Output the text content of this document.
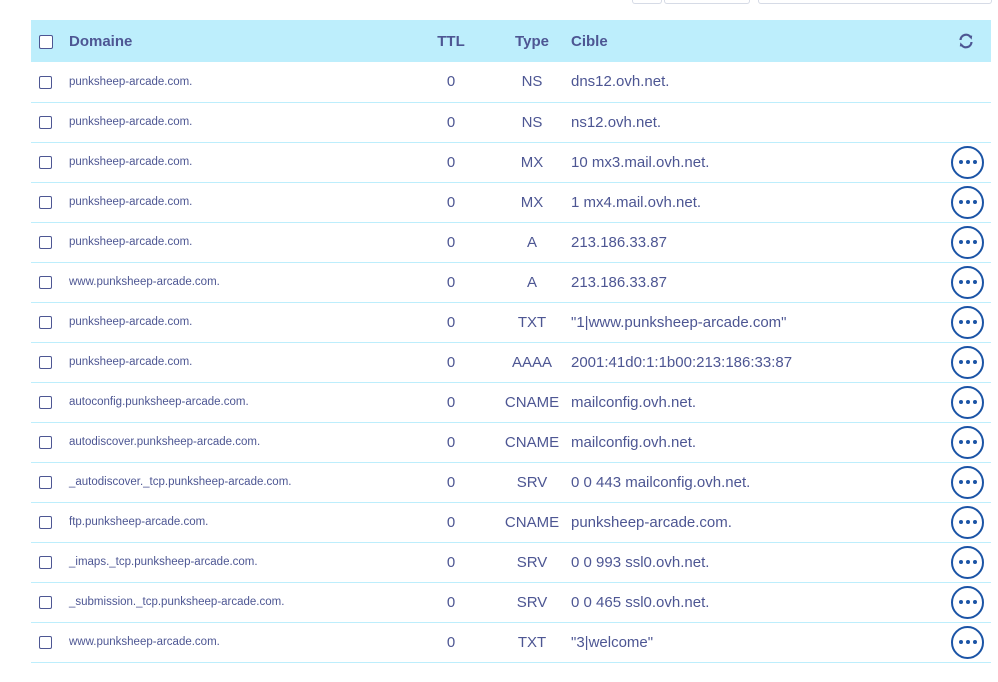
	Domaine	TTL	Type	Cible	
	punksheep-arcade.com.	0	NS	dns12.ovh.net.	
	punksheep-arcade.com.	0	NS	ns12.ovh.net.	
	punksheep-arcade.com.	0	MX	10 mx3.mail.ovh.net.	

	punksheep-arcade.com.	0	MX	1 mx4.mail.ovh.net.	

	punksheep-arcade.com.	0	A	213.186.33.87	

	www.punksheep-arcade.com.	0	A	213.186.33.87	

	punksheep-arcade.com.	0	TXT	"1|www.punksheep-arcade.com"	

	punksheep-arcade.com.	0	AAAA	2001:41d0:1:1b00:213:186:33:87	

	autoconfig.punksheep-arcade.com.	0	CNAME	mailconfig.ovh.net.	

	autodiscover.punksheep-arcade.com.	0	CNAME	mailconfig.ovh.net.	

	_autodiscover._tcp.punksheep-arcade.com.	0	SRV	0 0 443 mailconfig.ovh.net.	

	ftp.punksheep-arcade.com.	0	CNAME	punksheep-arcade.com.	

	_imaps._tcp.punksheep-arcade.com.	0	SRV	0 0 993 ssl0.ovh.net.	

	_submission._tcp.punksheep-arcade.com.	0	SRV	0 0 465 ssl0.ovh.net.	

	www.punksheep-arcade.com.	0	TXT	"3|welcome"	
